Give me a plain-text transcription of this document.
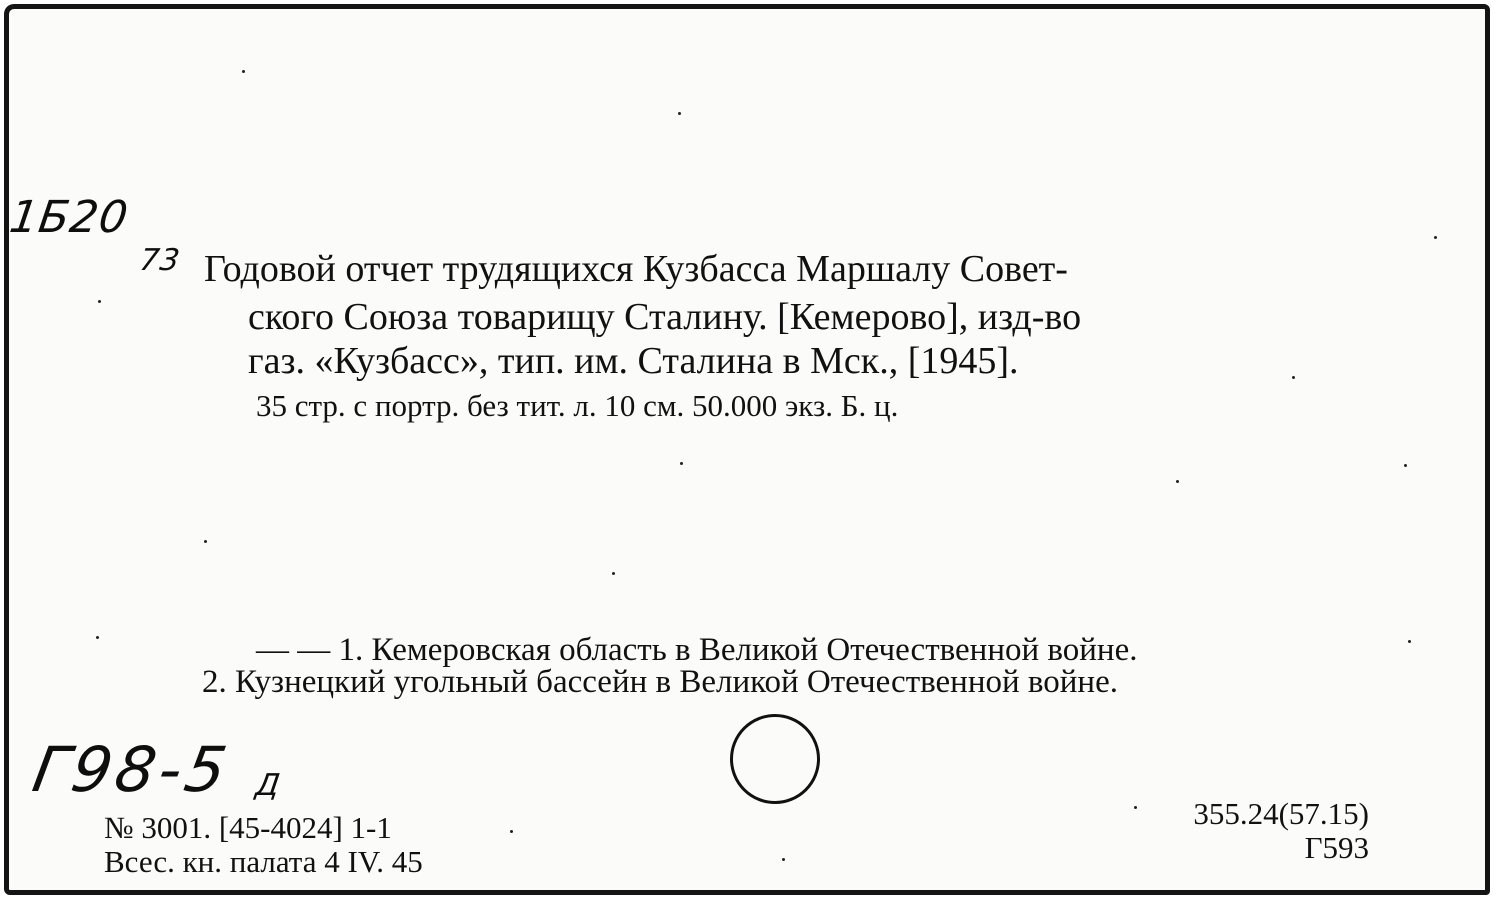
1Б20
73 Годовой отчет трудящихся Кузбасса Маршалу Совет-
ского Союза товарищу Сталину. [Кемерово], изд-во
газ. «Кузбасс», тип. им. Сталина в Мск., [1945].
35 стр. с портр. без тит. л. 10 см. 50.000 экз. Б. ц.
— — 1. Кемеровская область в Великой Отечественной войне.
2. Кузнецкий угольный бассейн в Великой Отечественной войне.
Г98-5 Д
№ 3001. [45-4024] 1-1
Всес. кн. палата 4 IV. 45
355.24(57.15)
Г593
